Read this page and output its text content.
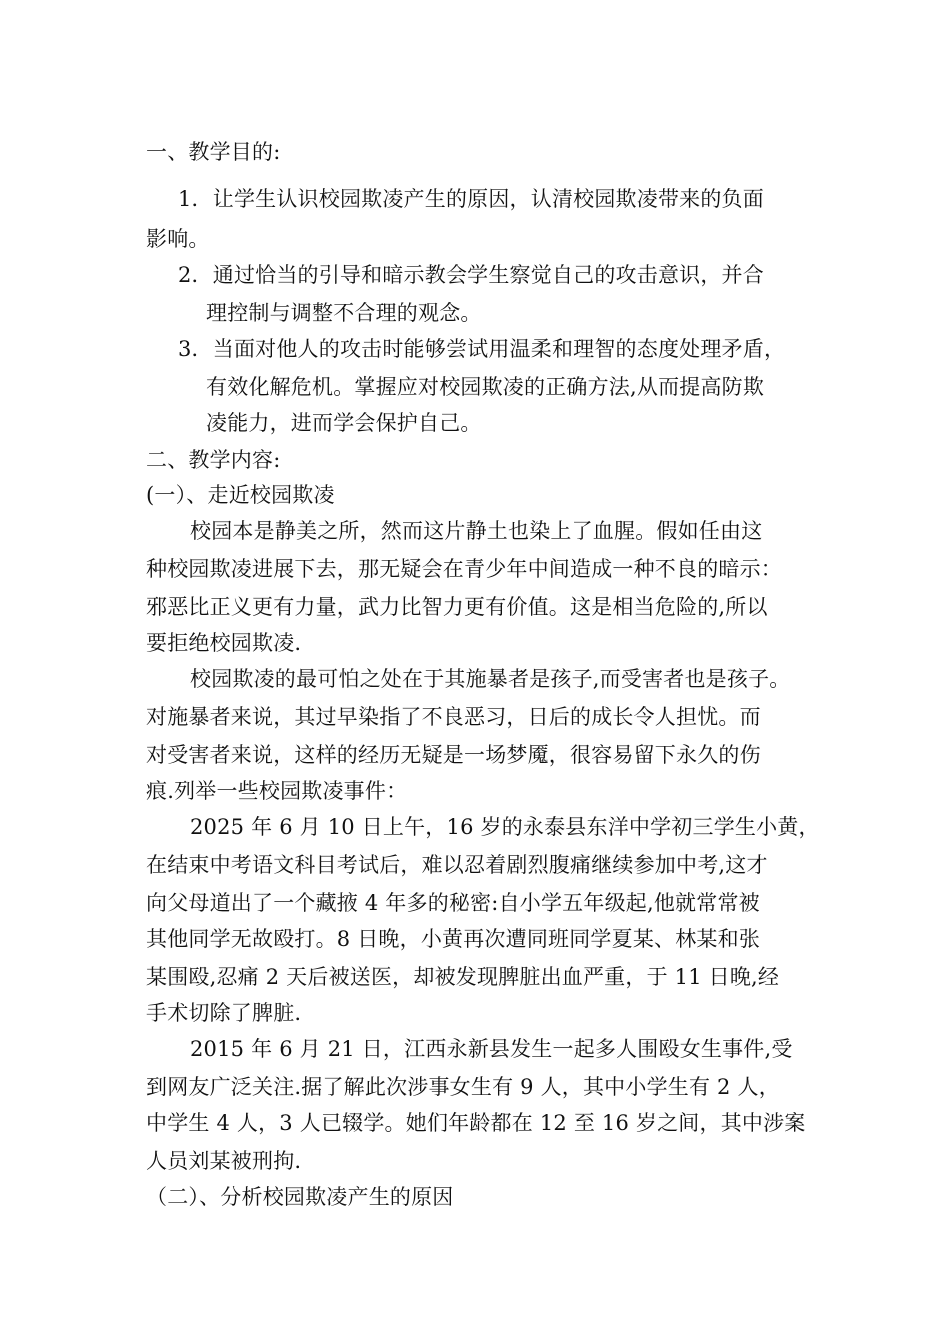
一、教学目的:
1．让学生认识校园欺凌产生的原因，认清校园欺凌带来的负面
影响。
2．通过恰当的引导和暗示教会学生察觉自己的攻击意识，并合
理控制与调整不合理的观念。
3．当面对他人的攻击时能够尝试用温柔和理智的态度处理矛盾，
有效化解危机。掌握应对校园欺凌的正确方法,从而提高防欺
凌能力，进而学会保护自己。
二、教学内容:
(一）、走近校园欺凌
校园本是静美之所，然而这片静土也染上了血腥。假如任由这
种校园欺凌进展下去，那无疑会在青少年中间造成一种不良的暗示：
邪恶比正义更有力量，武力比智力更有价值。这是相当危险的,所以
要拒绝校园欺凌.
校园欺凌的最可怕之处在于其施暴者是孩子,而受害者也是孩子。
对施暴者来说，其过早染指了不良恶习，日后的成长令人担忧。而
对受害者来说，这样的经历无疑是一场梦魇，很容易留下永久的伤
痕.列举一些校园欺凌事件：
2025 年 6 月 10 日上午，16 岁的永泰县东洋中学初三学生小黄，
在结束中考语文科目考试后，难以忍着剧烈腹痛继续参加中考,这才
向父母道出了一个藏掖 4 年多的秘密:自小学五年级起,他就常常被
其他同学无故殴打。8 日晚，小黄再次遭同班同学夏某、林某和张
某围殴,忍痛 2 天后被送医，却被发现脾脏出血严重，于 11 日晚,经
手术切除了脾脏.
2015 年 6 月 21 日，江西永新县发生一起多人围殴女生事件,受
到网友广泛关注.据了解此次涉事女生有 9 人，其中小学生有 2 人，
中学生 4 人，3 人已辍学。她们年龄都在 12 至 16 岁之间，其中涉案
人员刘某被刑拘.
（二）、分析校园欺凌产生的原因
